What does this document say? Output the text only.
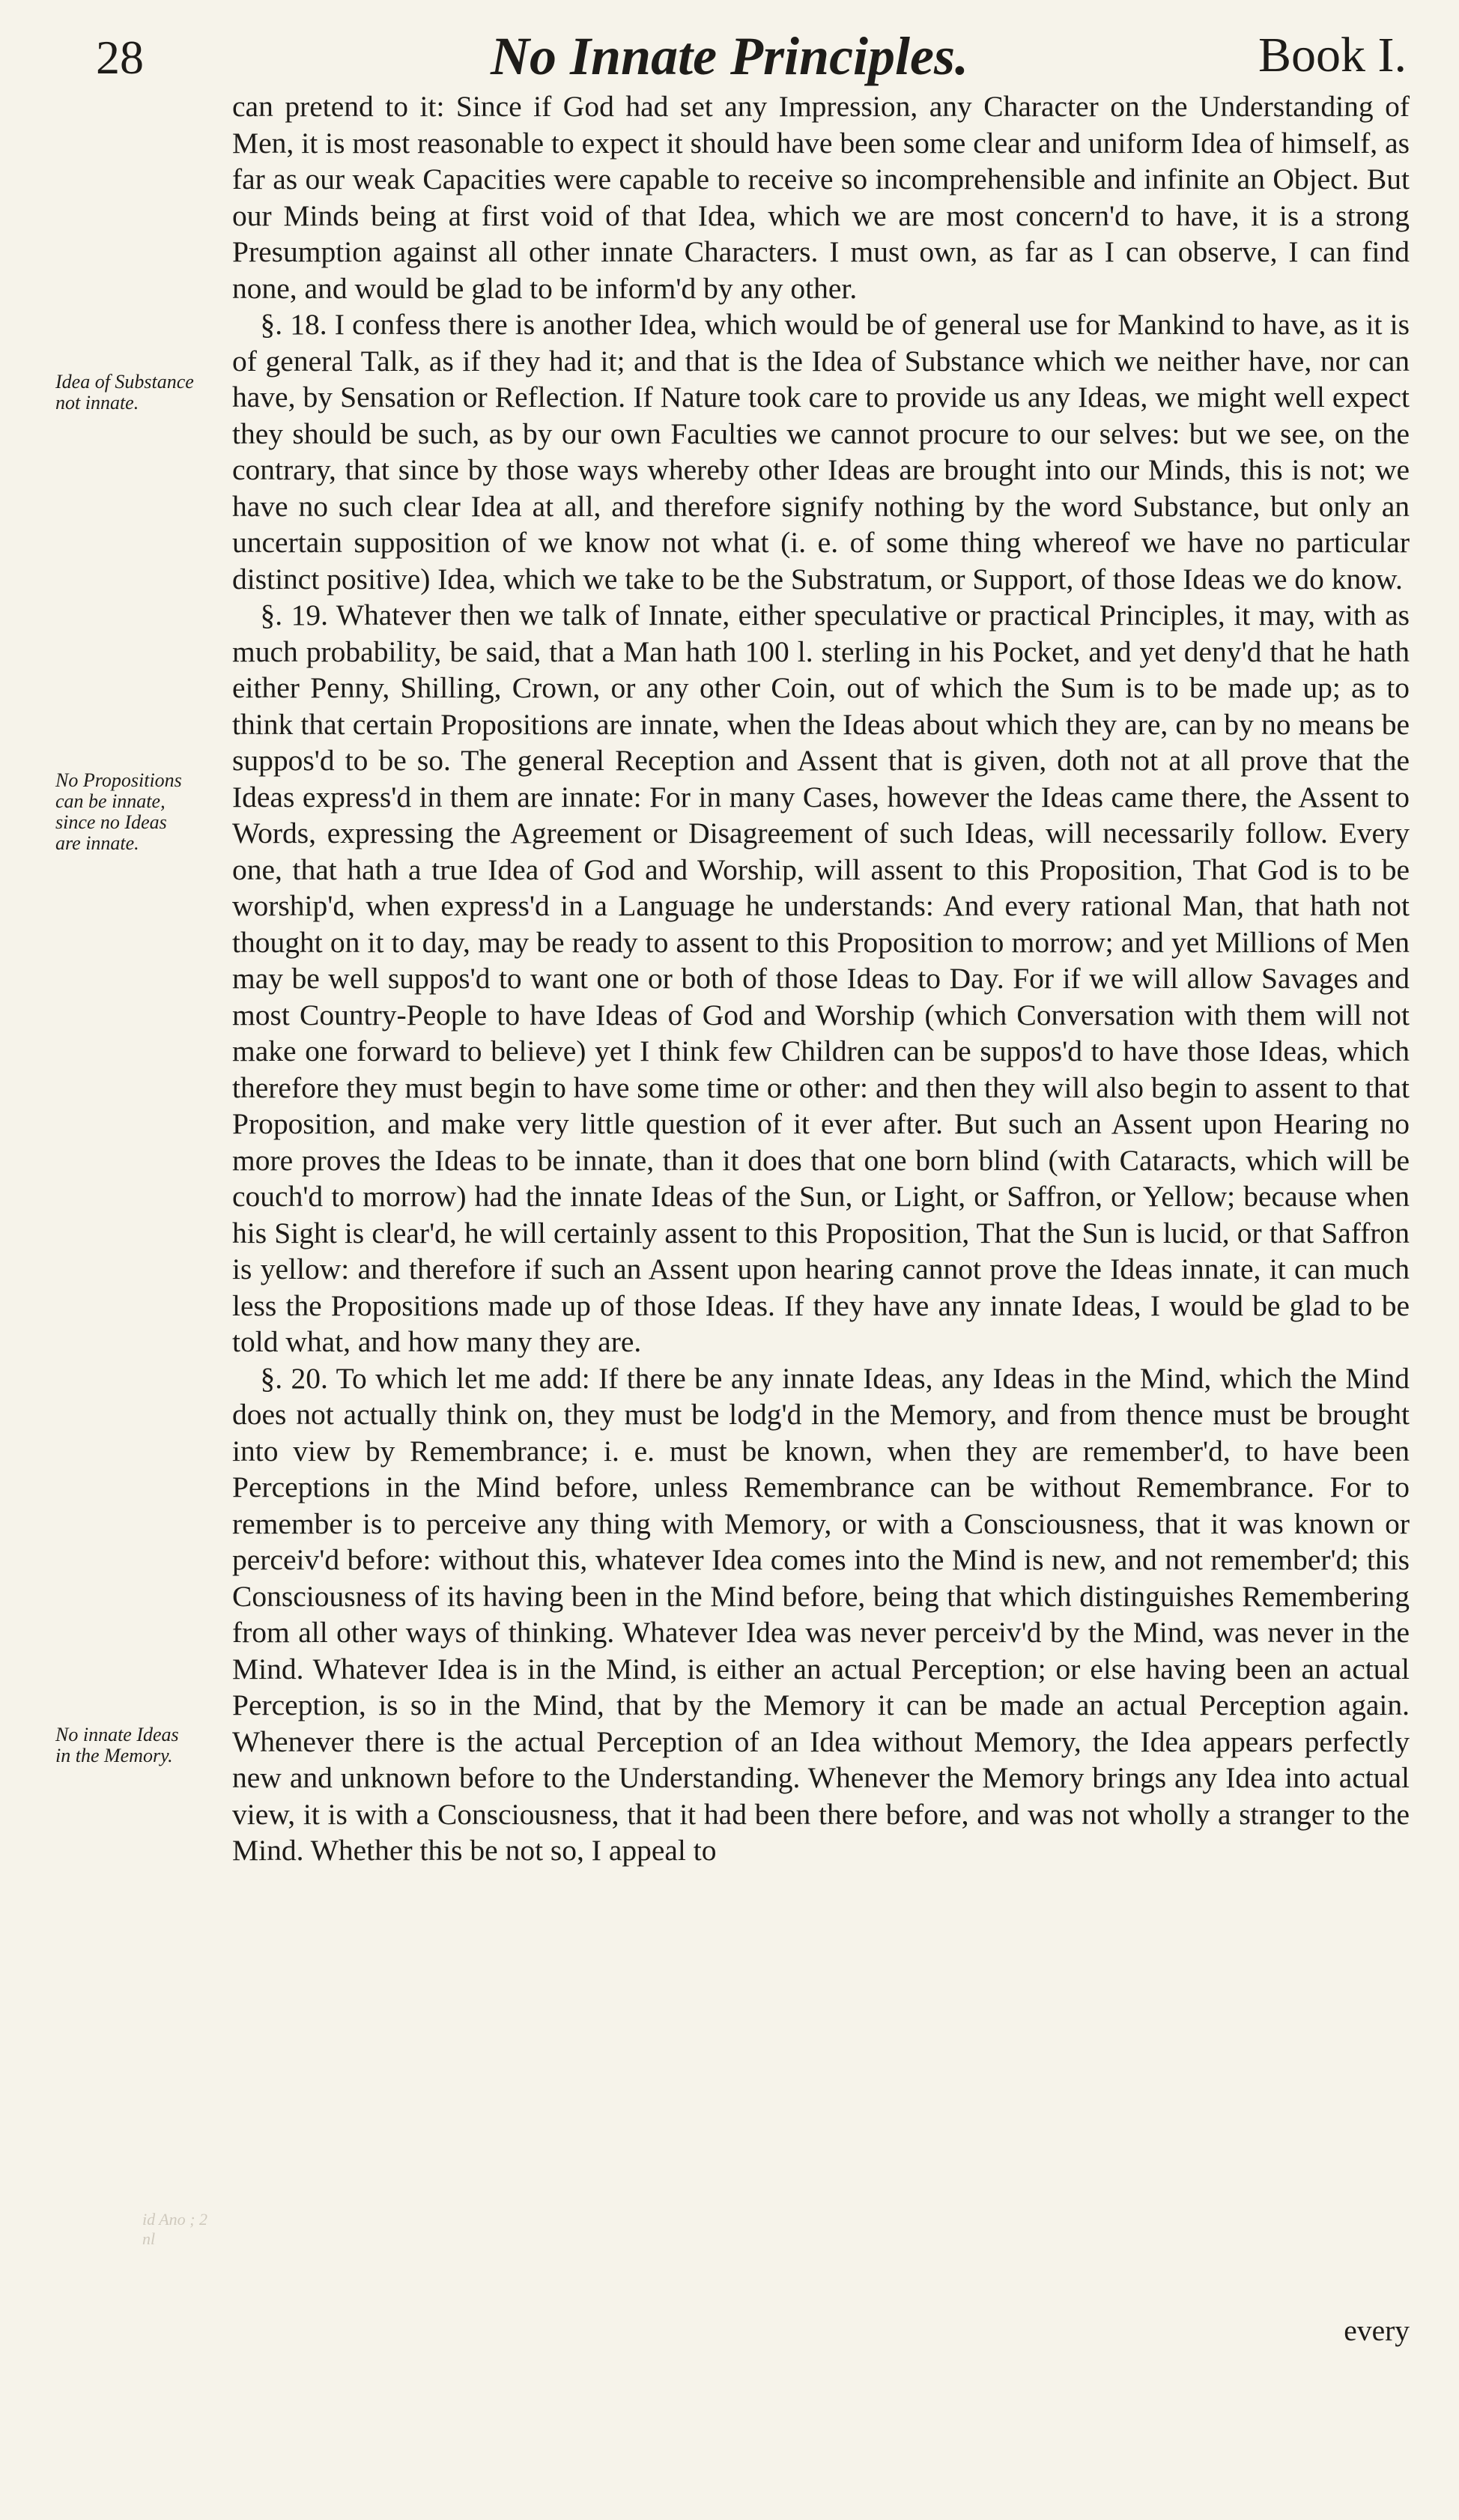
28	No Innate Principles.	Book I.
Idea of Substance not innate.
No Propositions can be innate, since no Ideas are innate.
No innate Ideas in the Memory.

can pretend to it: Since if God had set any Impression, any Character on the Understanding of Men, it is most reasonable to expect it should have been some clear and uniform Idea of himself, as far as our weak Capacities were capable to receive so incomprehensible and infinite an Object. But our Minds being at first void of that Idea, which we are most concern'd to have, it is a strong Presumption against all other innate Characters. I must own, as far as I can observe, I can find none, and would be glad to be inform'd by any other.

§. 18. I confess there is another Idea, which would be of general use for Mankind to have, as it is of general Talk, as if they had it; and that is the Idea of Substance which we neither have, nor can have, by Sensation or Reflection. If Nature took care to provide us any Ideas, we might well expect they should be such, as by our own Faculties we cannot procure to our selves: but we see, on the contrary, that since by those ways whereby other Ideas are brought into our Minds, this is not; we have no such clear Idea at all, and therefore signify nothing by the word Substance, but only an uncertain supposition of we know not what (i. e. of some thing whereof we have no particular distinct positive) Idea, which we take to be the Substratum, or Support, of those Ideas we do know.

§. 19. Whatever then we talk of Innate, either speculative or practical Principles, it may, with as much probability, be said, that a Man hath 100 l. sterling in his Pocket, and yet deny'd that he hath either Penny, Shilling, Crown, or any other Coin, out of which the Sum is to be made up; as to think that certain Propositions are innate, when the Ideas about which they are, can by no means be suppos'd to be so. The general Reception and Assent that is given, doth not at all prove that the Ideas express'd in them are innate: For in many Cases, however the Ideas came there, the Assent to Words, expressing the Agreement or Disagreement of such Ideas, will necessarily follow. Every one, that hath a true Idea of God and Worship, will assent to this Proposition, That God is to be worship'd, when express'd in a Language he understands: And every rational Man, that hath not thought on it to day, may be ready to assent to this Proposition to morrow; and yet Millions of Men may be well suppos'd to want one or both of those Ideas to Day. For if we will allow Savages and most Country-People to have Ideas of God and Worship (which Conversation with them will not make one forward to believe) yet I think few Children can be suppos'd to have those Ideas, which therefore they must begin to have some time or other: and then they will also begin to assent to that Proposition, and make very little question of it ever after. But such an Assent upon Hearing no more proves the Ideas to be innate, than it does that one born blind (with Cataracts, which will be couch'd to morrow) had the innate Ideas of the Sun, or Light, or Saffron, or Yellow; because when his Sight is clear'd, he will certainly assent to this Proposition, That the Sun is lucid, or that Saffron is yellow: and therefore if such an Assent upon hearing cannot prove the Ideas innate, it can much less the Propositions made up of those Ideas. If they have any innate Ideas, I would be glad to be told what, and how many they are.

§. 20. To which let me add: If there be any innate Ideas, any Ideas in the Mind, which the Mind does not actually think on, they must be lodg'd in the Memory, and from thence must be brought into view by Remembrance; i. e. must be known, when they are remember'd, to have been Perceptions in the Mind before, unless Remembrance can be without Remembrance. For to remember is to perceive any thing with Memory, or with a Consciousness, that it was known or perceiv'd before: without this, whatever Idea comes into the Mind is new, and not remember'd; this Consciousness of its having been in the Mind before, being that which distinguishes Remembering from all other ways of thinking. Whatever Idea was never perceiv'd by the Mind, was never in the Mind. Whatever Idea is in the Mind, is either an actual Perception; or else having been an actual Perception, is so in the Mind, that by the Memory it can be made an actual Perception again. Whenever there is the actual Perception of an Idea without Memory, the Idea appears perfectly new and unknown before to the Understanding. Whenever the Memory brings any Idea into actual view, it is with a Consciousness, that it had been there before, and was not wholly a stranger to the Mind. Whether this be not so, I appeal to

every
id Ano ; 2 nl
